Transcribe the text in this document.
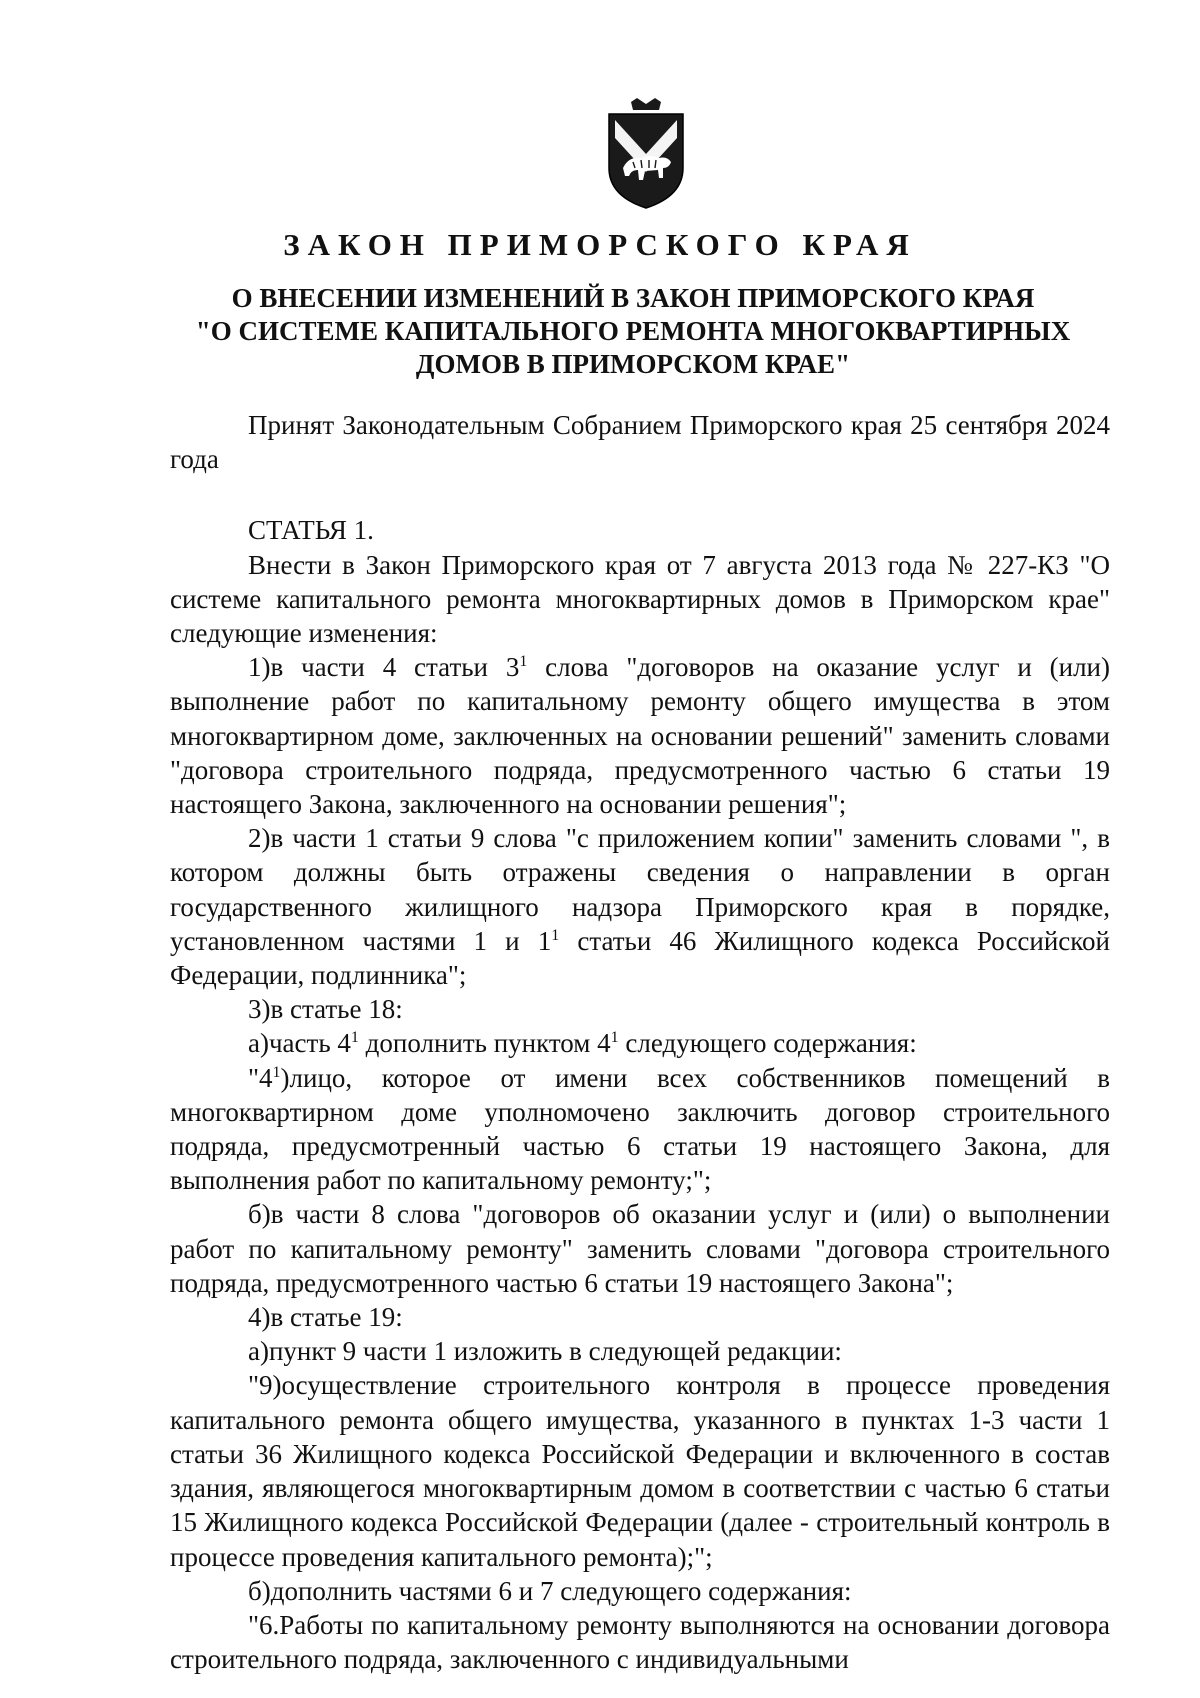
ЗАКОН ПРИМОРСКОГО КРАЯ
О ВНЕСЕНИИ ИЗМЕНЕНИЙ В ЗАКОН ПРИМОРСКОГО КРАЯ
"О СИСТЕМЕ КАПИТАЛЬНОГО РЕМОНТА МНОГОКВАРТИРНЫХ
ДОМОВ В ПРИМОРСКОМ КРАЕ"

Принят Законодательным Собранием Приморского края 25 сентября 2024 года

СТАТЬЯ 1.

Внести в Закон Приморского края от 7 августа 2013 года № 227-КЗ "О системе капитального ремонта многоквартирных домов в Приморском крае" следующие изменения:

1)в части 4 статьи $3^1$ слова "договоров на оказание услуг и (или) выполнение работ по капитальному ремонту общего имущества в этом многоквартирном доме, заключенных на основании решений" заменить словами "договора строительного подряда, предусмотренного частью 6 статьи 19 настоящего Закона, заключенного на основании решения";

2)в части 1 статьи 9 слова "с приложением копии" заменить словами ", в котором должны быть отражены сведения о направлении в орган государственного жилищного надзора Приморского края в порядке, установленном частями 1 и $1^1$ статьи 46 Жилищного кодекса Российской Федерации, подлинника";

3)в статье 18:

а)часть $4^1$ дополнить пунктом $4^1$ следующего содержания:

"$4^1)лицо$, которое от имени всех собственников помещений в многоквартирном доме уполномочено заключить договор строительного подряда, предусмотренный частью 6 статьи 19 настоящего Закона, для выполнения работ по капитальному ремонту;";

б)в части 8 слова "договоров об оказании услуг и (или) о выполнении работ по капитальному ремонту" заменить словами "договора строительного подряда, предусмотренного частью 6 статьи 19 настоящего Закона";

4)в статье 19:

а)пункт 9 части 1 изложить в следующей редакции:

"9)осуществление строительного контроля в процессе проведения капитального ремонта общего имущества, указанного в пунктах 1-3 части 1 статьи 36 Жилищного кодекса Российской Федерации и включенного в состав здания, являющегося многоквартирным домом в соответствии с частью 6 статьи 15 Жилищного кодекса Российской Федерации (далее - строительный контроль в процессе проведения капитального ремонта);";

б)дополнить частями 6 и 7 следующего содержания:

"6.Работы по капитальному ремонту выполняются на основании договора строительного подряда, заключенного с индивидуальными
